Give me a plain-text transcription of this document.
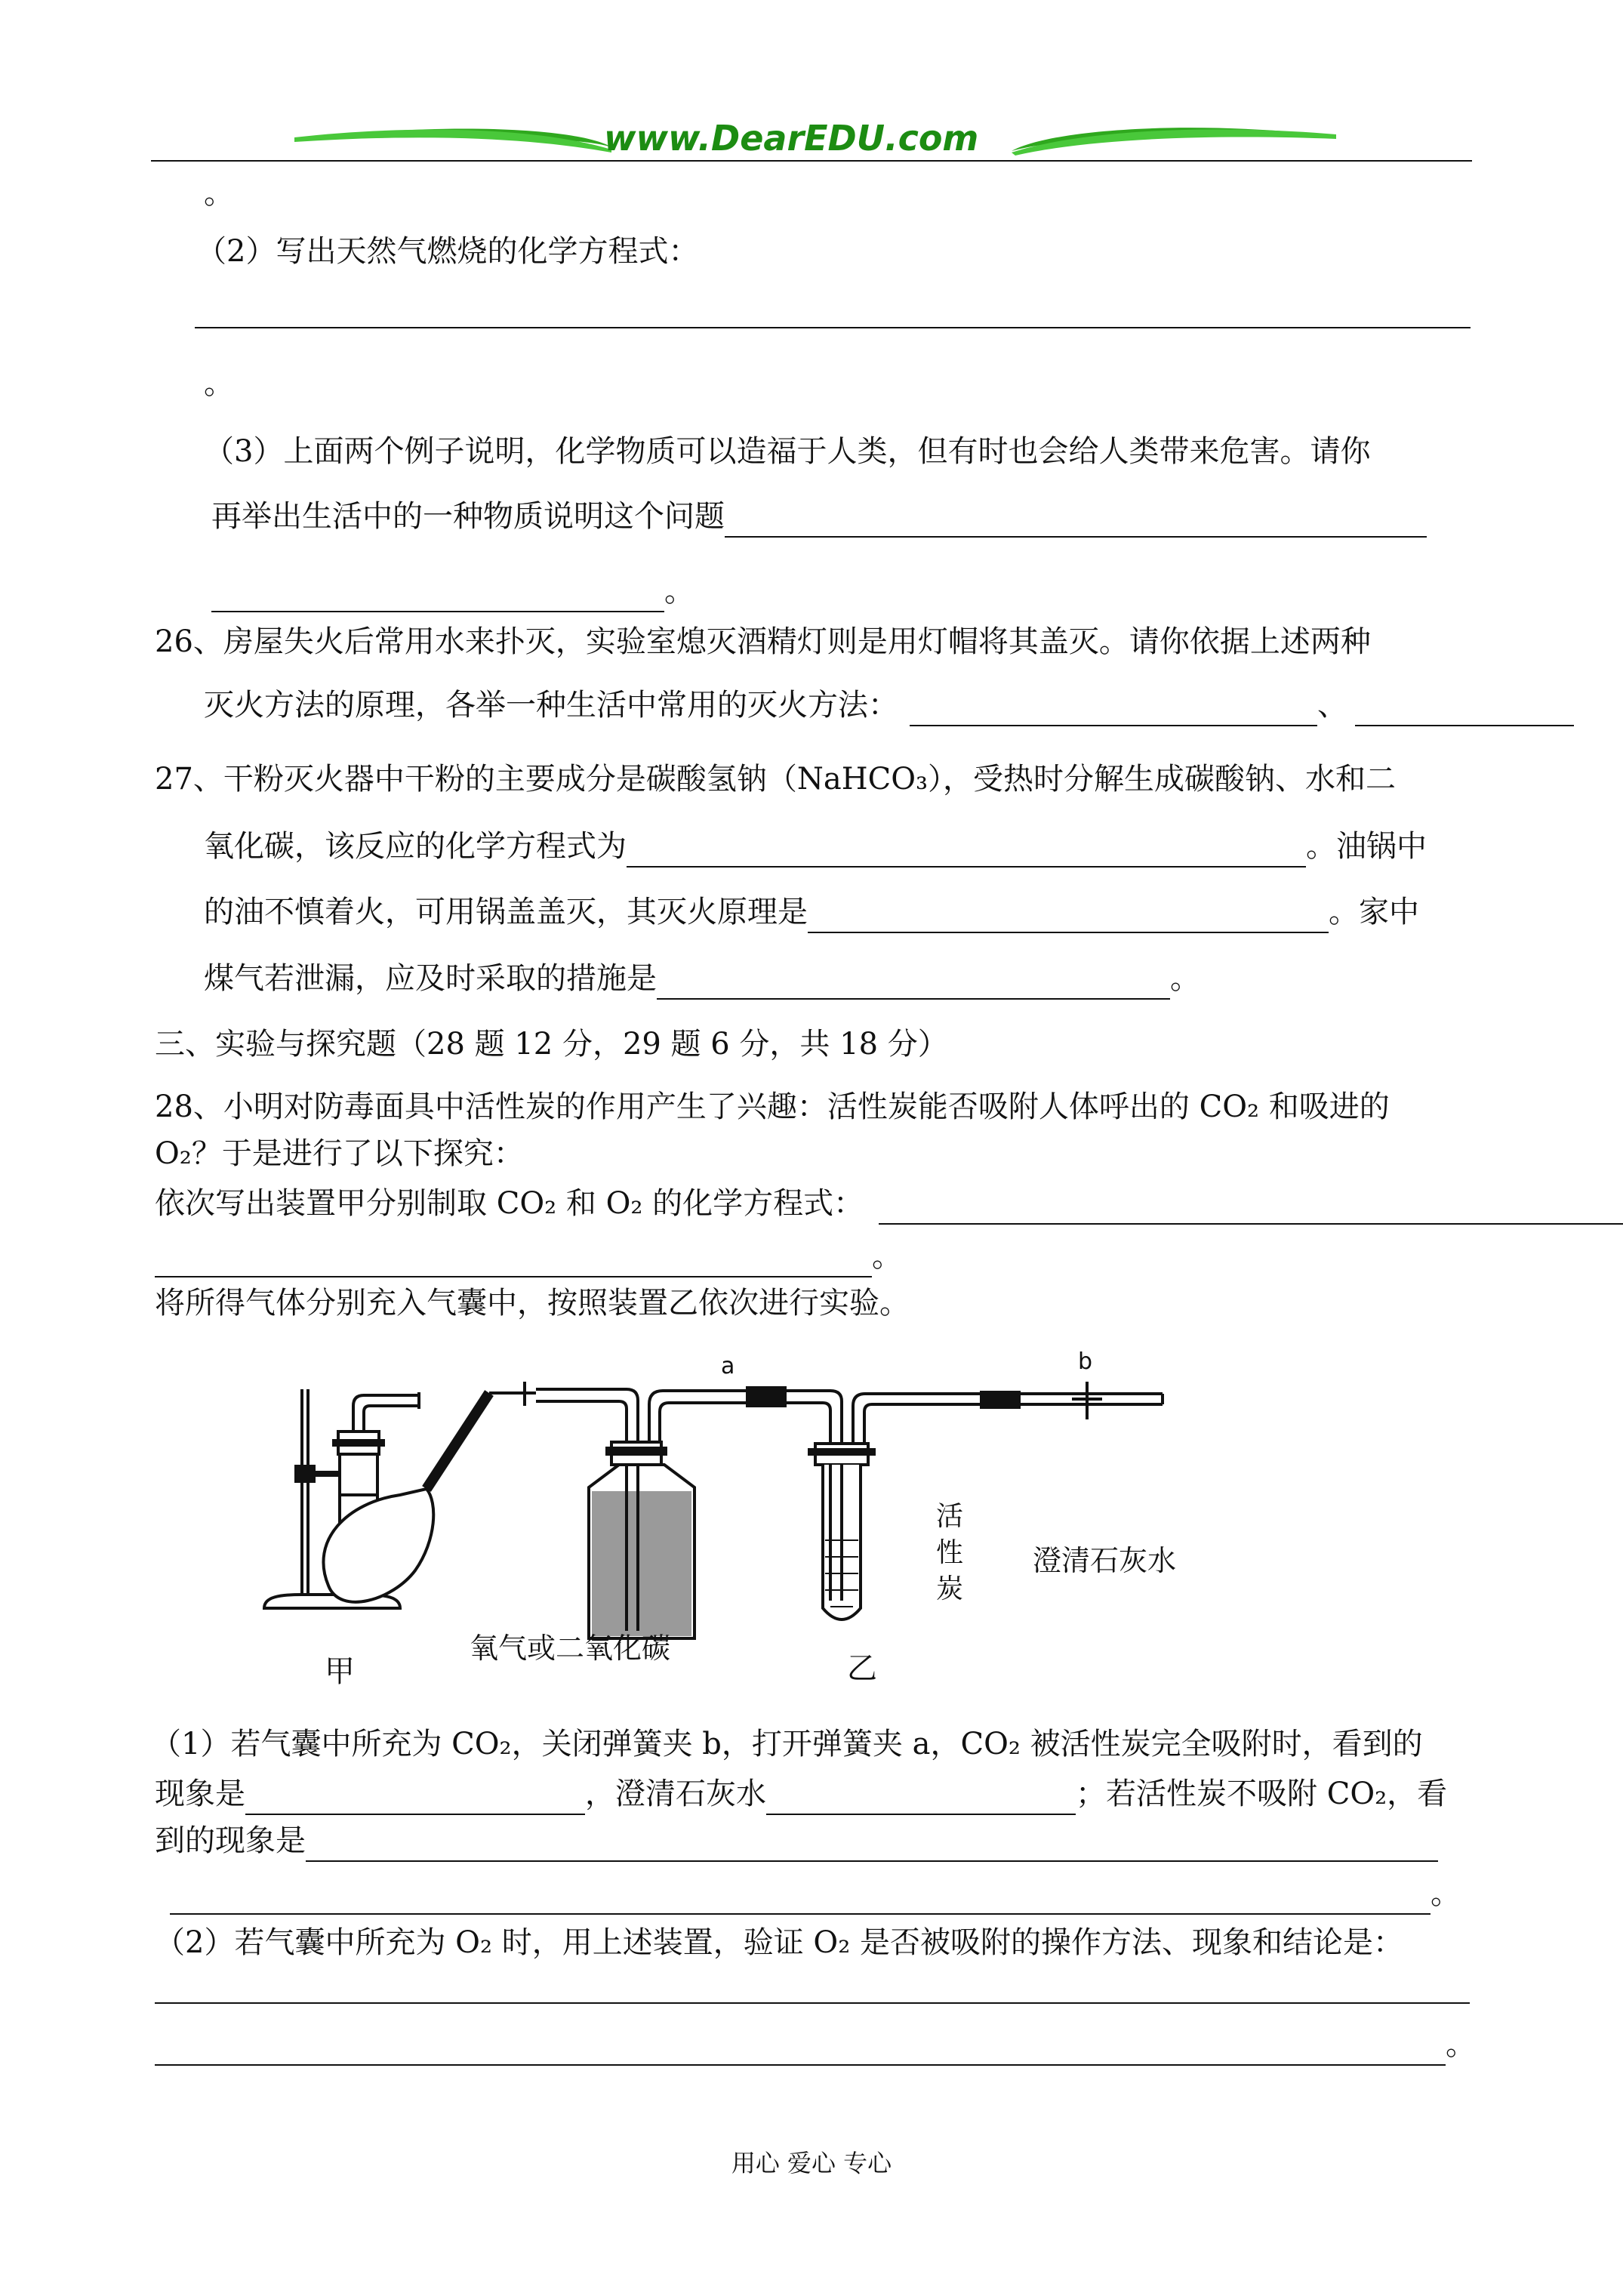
www.DearEDU.com
。
（2）写出天然气燃烧的化学方程式：
。
（3）上面两个例子说明，化学物质可以造福于人类，但有时也会给人类带来危害。请你
再举出生活中的一种物质说明这个问题
。
26、房屋失火后常用水来扑灭，实验室熄灭酒精灯则是用灯帽将其盖灭。请你依据上述两种
灭火方法的原理，各举一种生活中常用的灭火方法：	、
27、干粉灭火器中干粉的主要成分是碳酸氢钠（NaHCO₃），受热时分解生成碳酸钠、水和二
氧化碳，该反应的化学方程式为	。油锅中
的油不慎着火，可用锅盖盖灭，其灭火原理是	。家中
煤气若泄漏，应及时采取的措施是	。
三、实验与探究题（28 题 12 分，29 题 6 分，共 18 分）
28、小明对防毒面具中活性炭的作用产生了兴趣：活性炭能否吸附人体呼出的 CO₂ 和吸进的
O₂？于是进行了以下探究：
依次写出装置甲分别制取 CO₂ 和 O₂ 的化学方程式：
。
将所得气体分别充入气囊中，按照装置乙依次进行实验。
a	b
活
性
炭
澄清石灰水
甲
氧气或二氧化碳
乙
（1）若气囊中所充为 CO₂，关闭弹簧夹 b，打开弹簧夹 a，CO₂ 被活性炭完全吸附时，看到的
现象是	，澄清石灰水	；若活性炭不吸附 CO₂，看
到的现象是
。
（2）若气囊中所充为 O₂ 时，用上述装置，验证 O₂ 是否被吸附的操作方法、现象和结论是：
。
用心 爱心 专心
